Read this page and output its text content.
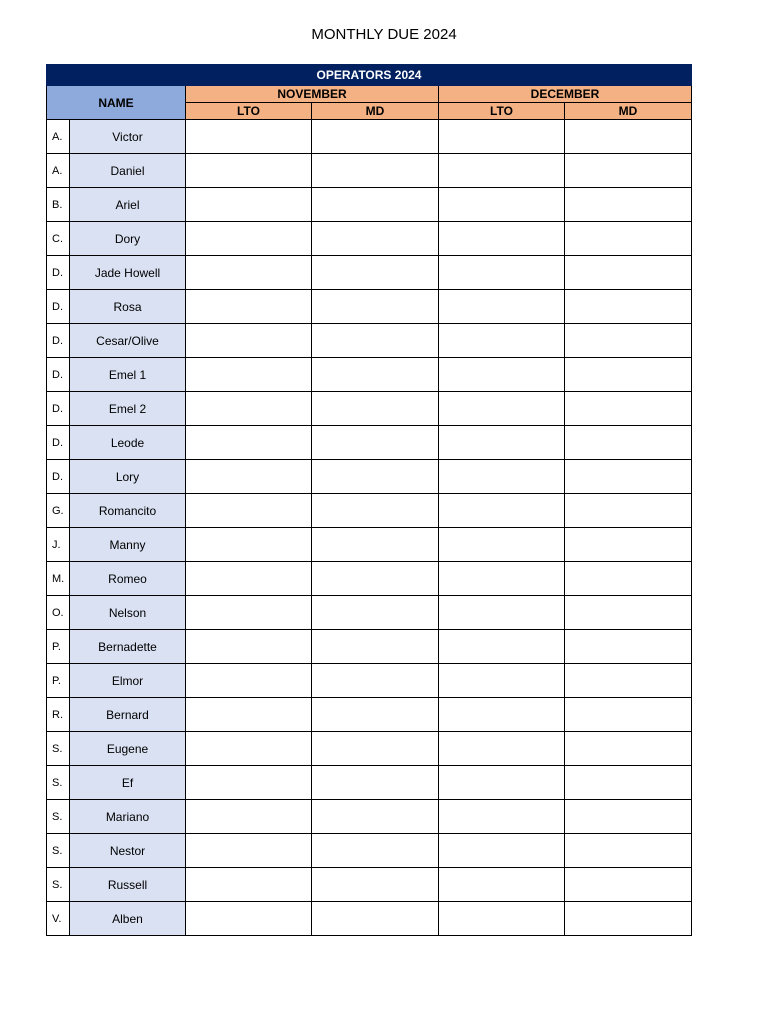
MONTHLY DUE 2024
OPERATORS 2024					
NAME		NOVEMBER		DECEMBER	
		LTO	MD	LTO	MD
A.	Victor				
A.	Daniel				
B.	Ariel				
C.	Dory				
D.	Jade Howell				
D.	Rosa				
D.	Cesar/Olive				
D.	Emel 1				
D.	Emel 2				
D.	Leode				
D.	Lory				
G.	Romancito				
J.	Manny				
M.	Romeo				
O.	Nelson				
P.	Bernadette				
P.	Elmor				
R.	Bernard				
S.	Eugene				
S.	Ef				
S.	Mariano				
S.	Nestor				
S.	Russell				
V.	Alben				
